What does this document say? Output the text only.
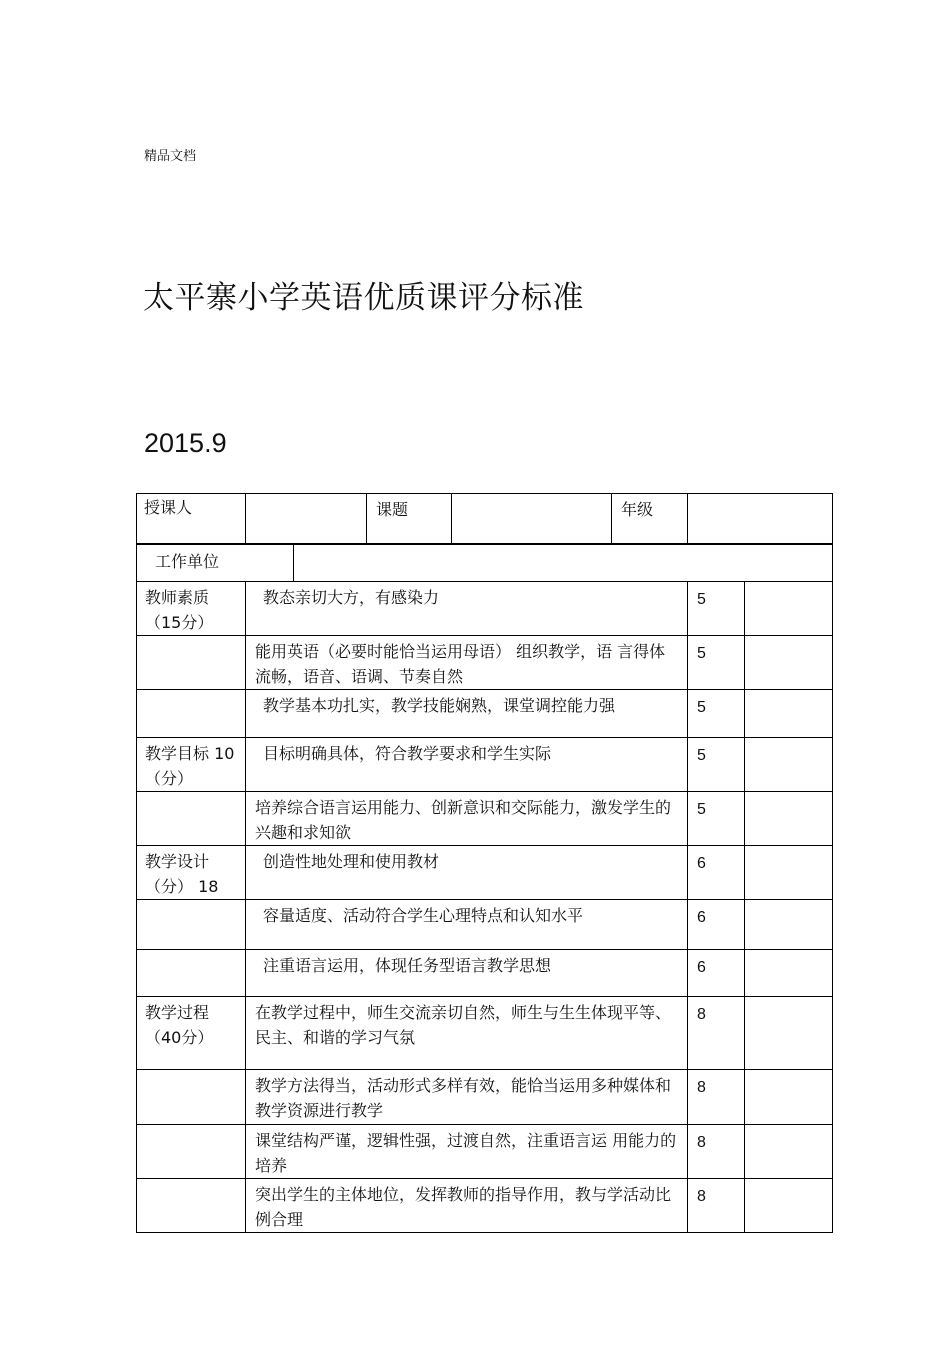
精品文档
太平寨小学英语优质课评分标准
2015.9
授课人		课题		年级	
工作单位	
教师素质（15分）	教态亲切大方，有感染力	5	
	能用英语（必要时能恰当运用母语） 组织教学，语 言得体流畅，语音、语调、节奏自然	5	
	教学基本功扎实，教学技能娴熟，课堂调控能力强	5	
教学目标 10（分）	目标明确具体，符合教学要求和学生实际	5	
	培养综合语言运用能力、创新意识和交际能力，激发学生的兴趣和求知欲	5	
教学设计（分） 18	创造性地处理和使用教材	6	
	容量适度、活动符合学生心理特点和认知水平	6	
	注重语言运用，体现任务型语言教学思想	6	
教学过程（40分）	在教学过程中，师生交流亲切自然，师生与生生体现平等、民主、和谐的学习气氛	8	
	教学方法得当，活动形式多样有效，能恰当运用多种媒体和教学资源进行教学	8	
	课堂结构严谨，逻辑性强，过渡自然，注重语言运 用能力的培养	8	
	突出学生的主体地位，发挥教师的指导作用，教与学活动比例合理	8	
